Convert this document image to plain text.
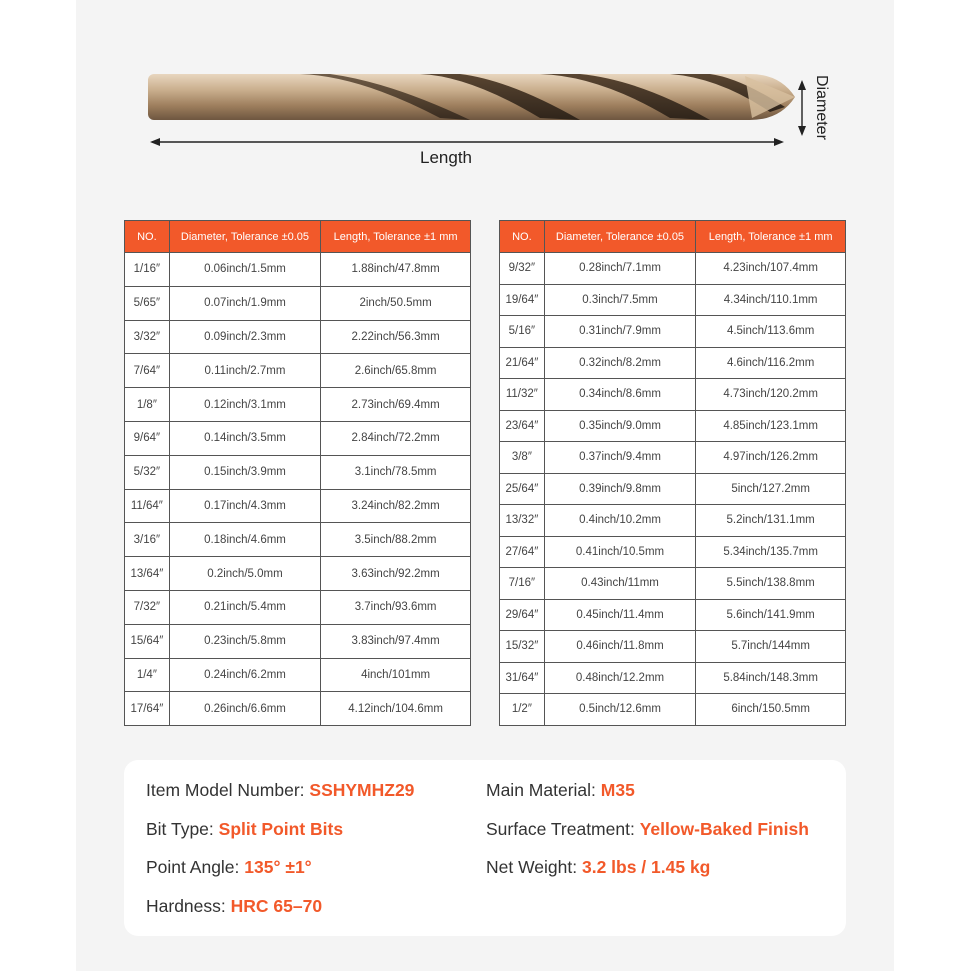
Length
Diameter
NO.	Diameter, Tolerance ±0.05	Length, Tolerance ±1 mm
1/16″	0.06inch/1.5mm	1.88inch/47.8mm
5/65″	0.07inch/1.9mm	2inch/50.5mm
3/32″	0.09inch/2.3mm	2.22inch/56.3mm
7/64″	0.11inch/2.7mm	2.6inch/65.8mm
1/8″	0.12inch/3.1mm	2.73inch/69.4mm
9/64″	0.14inch/3.5mm	2.84inch/72.2mm
5/32″	0.15inch/3.9mm	3.1inch/78.5mm
11/64″	0.17inch/4.3mm	3.24inch/82.2mm
3/16″	0.18inch/4.6mm	3.5inch/88.2mm
13/64″	0.2inch/5.0mm	3.63inch/92.2mm
7/32″	0.21inch/5.4mm	3.7inch/93.6mm
15/64″	0.23inch/5.8mm	3.83inch/97.4mm
1/4″	0.24inch/6.2mm	4inch/101mm
17/64″	0.26inch/6.6mm	4.12inch/104.6mm
NO.	Diameter, Tolerance ±0.05	Length, Tolerance ±1 mm
9/32″	0.28inch/7.1mm	4.23inch/107.4mm
19/64″	0.3inch/7.5mm	4.34inch/110.1mm
5/16″	0.31inch/7.9mm	4.5inch/113.6mm
21/64″	0.32inch/8.2mm	4.6inch/116.2mm
11/32″	0.34inch/8.6mm	4.73inch/120.2mm
23/64″	0.35inch/9.0mm	4.85inch/123.1mm
3/8″	0.37inch/9.4mm	4.97inch/126.2mm
25/64″	0.39inch/9.8mm	5inch/127.2mm
13/32″	0.4inch/10.2mm	5.2inch/131.1mm
27/64″	0.41inch/10.5mm	5.34inch/135.7mm
7/16″	0.43inch/11mm	5.5inch/138.8mm
29/64″	0.45inch/11.4mm	5.6inch/141.9mm
15/32″	0.46inch/11.8mm	5.7inch/144mm
31/64″	0.48inch/12.2mm	5.84inch/148.3mm
1/2″	0.5inch/12.6mm	6inch/150.5mm
Item Model Number: SSHYMHZ29
Bit Type: Split Point Bits
Point Angle: 135° ±1°
Hardness: HRC 65–70
Main Material: M35
Surface Treatment: Yellow-Baked Finish
Net Weight: 3.2 lbs / 1.45 kg
